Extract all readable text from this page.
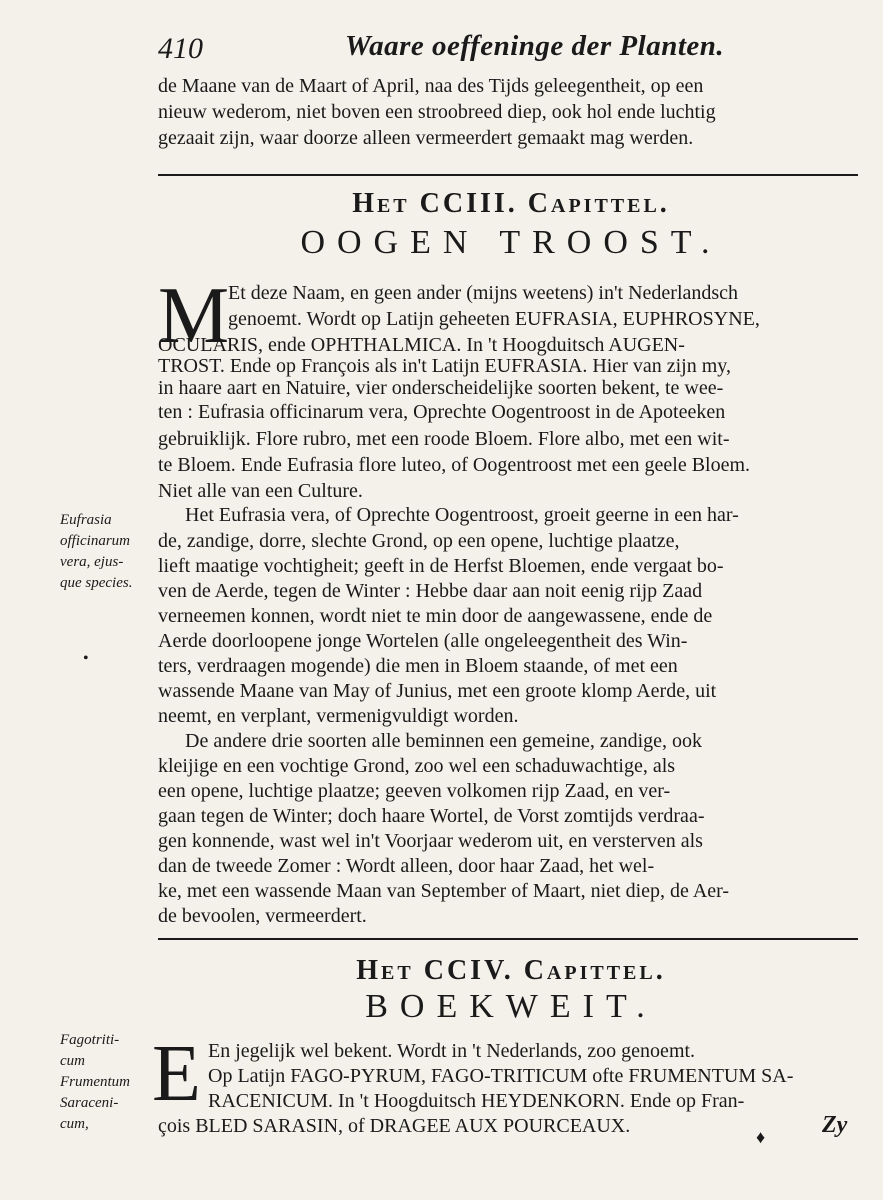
410	Waare oeffeninge der Planten.
de Maane van de Maart of April, naa des Tijds geleegentheit, op een
nieuw wederom, niet boven een stroobreed diep, ook hol ende luchtig
gezaait zijn, waar doorze alleen vermeerdert gemaakt mag werden.
Het CCIII. Capittel.
OOGEN TROOST.
M
Et deze Naam, en geen ander (mijns weetens) in't Nederlandsch
genoemt. Wordt op Latijn geheeten EUFRASIA, EUPHROSYNE,
OCULARIS, ende OPHTHALMICA. In 't Hoogduitsch AUGEN-
TROST. Ende op François als in't Latijn EUFRASIA. Hier van zijn my,
in haare aart en Natuire, vier onderscheidelijke soorten bekent, te wee-
ten : Eufrasia officinarum vera, Oprechte Oogentroost in de Apoteeken
gebruiklijk. Flore rubro, met een roode Bloem. Flore albo, met een wit-
te Bloem. Ende Eufrasia flore luteo, of Oogentroost met een geele Bloem.
Niet alle van een Culture.
Het Eufrasia vera, of Oprechte Oogentroost, groeit geerne in een har-
de, zandige, dorre, slechte Grond, op een opene, luchtige plaatze,
lieft maatige vochtigheit; geeft in de Herfst Bloemen, ende vergaat bo-
ven de Aerde, tegen de Winter : Hebbe daar aan noit eenig rijp Zaad
verneemen konnen, wordt niet te min door de aangewassene, ende de
Aerde doorloopene jonge Wortelen (alle ongeleegentheit des Win-
ters, verdraagen mogende) die men in Bloem staande, of met een
wassende Maane van May of Junius, met een groote klomp Aerde, uit
neemt, en verplant, vermenigvuldigt worden.
De andere drie soorten alle beminnen een gemeine, zandige, ook
kleijige en een vochtige Grond, zoo wel een schaduwachtige, als
een opene, luchtige plaatze; geeven volkomen rijp Zaad, en ver-
gaan tegen de Winter; doch haare Wortel, de Vorst zomtijds verdraa-
gen konnende, wast wel in't Voorjaar wederom uit, en versterven als
dan de tweede Zomer : Wordt alleen, door haar Zaad, het wel-
ke, met een wassende Maan van September of Maart, niet diep, de Aer-
de bevoolen, vermeerdert.
Eufrasia
officinarum
vera, ejus-
que species.
•
Het CCIV. Capittel.
BOEKWEIT.
E En jegelijk wel bekent. Wordt in 't Nederlands, zoo genoemt.
Op Latijn FAGO-PYRUM, FAGO-TRITICUM ofte FRUMENTUM SA-
RACENICUM. In 't Hoogduitsch HEYDENKORN. Ende op Fran-
çois BLED SARASIN, of DRAGEE AUX POURCEAUX.
Fagotriti-
cum
Frumentum
Saraceni-
cum,
♦ Zy
